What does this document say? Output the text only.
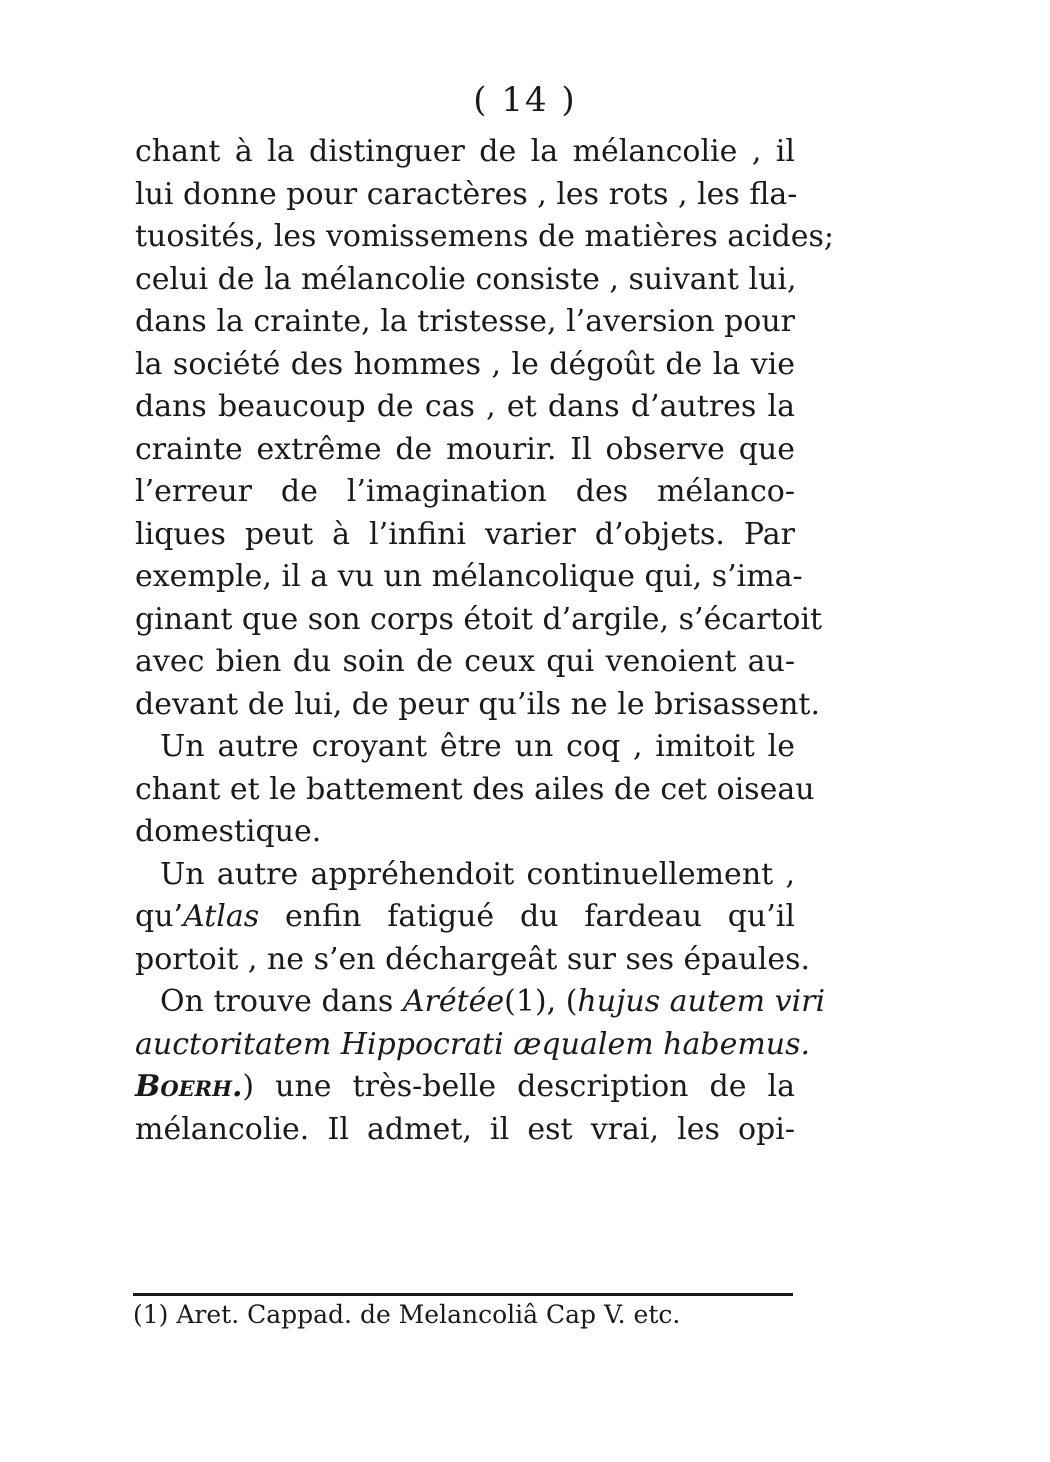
( 14 )
chant à la distinguer de la mélancolie , il
lui donne pour caractères , les rots , les fla-
tuosités, les vomissemens de matières acides;
celui de la mélancolie consiste , suivant lui,
dans la crainte, la tristesse, l’aversion pour
la société des hommes , le dégoût de la vie
dans beaucoup de cas , et dans d’autres la
crainte extrême de mourir. Il observe que
l’erreur de l’imagination des mélanco-
liques peut à l’infini varier d’objets. Par
exemple, il a vu un mélancolique qui, s’ima-
ginant que son corps étoit d’argile, s’écartoit
avec bien du soin de ceux qui venoient au-
devant de lui, de peur qu’ils ne le brisassent.
Un autre croyant être un coq , imitoit le
chant et le battement des ailes de cet oiseau
domestique.
Un autre appréhendoit continuellement ,
qu’Atlas enfin fatigué du fardeau qu’il
portoit , ne s’en déchargeât sur ses épaules.
On trouve dans Arétée(1), (hujus autem viri
auctoritatem Hippocrati æqualem habemus.
Boerh.) une très-belle description de la
mélancolie. Il admet, il est vrai, les opi-
(1) Aret. Cappad. de Melancoliâ Cap V. etc.
